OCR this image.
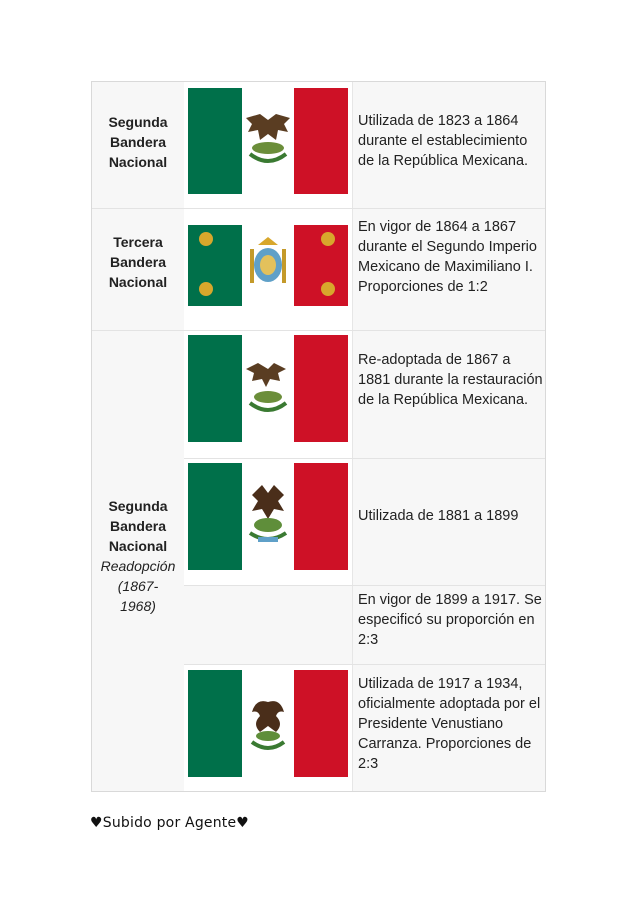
Segunda
Bandera
Nacional
Utilizada de 1823 a 1864 durante el establecimiento de la República Mexicana.
Tercera
Bandera
Nacional
En vigor de 1864 a 1867 durante el Segundo Imperio Mexicano de Maximiliano I. Proporciones de 1:2
Segunda
Bandera
Nacional
Readopción
(1867-
1968)
Re-adoptada de 1867 a 1881 durante la restauración de la República Mexicana.
Utilizada de 1881 a 1899
En vigor de 1899 a 1917. Se especificó su proporción en 2:3
Utilizada de 1917 a 1934, oficialmente adoptada por el Presidente Venustiano Carranza. Proporciones de 2:3
♥Subido por Agente♥
